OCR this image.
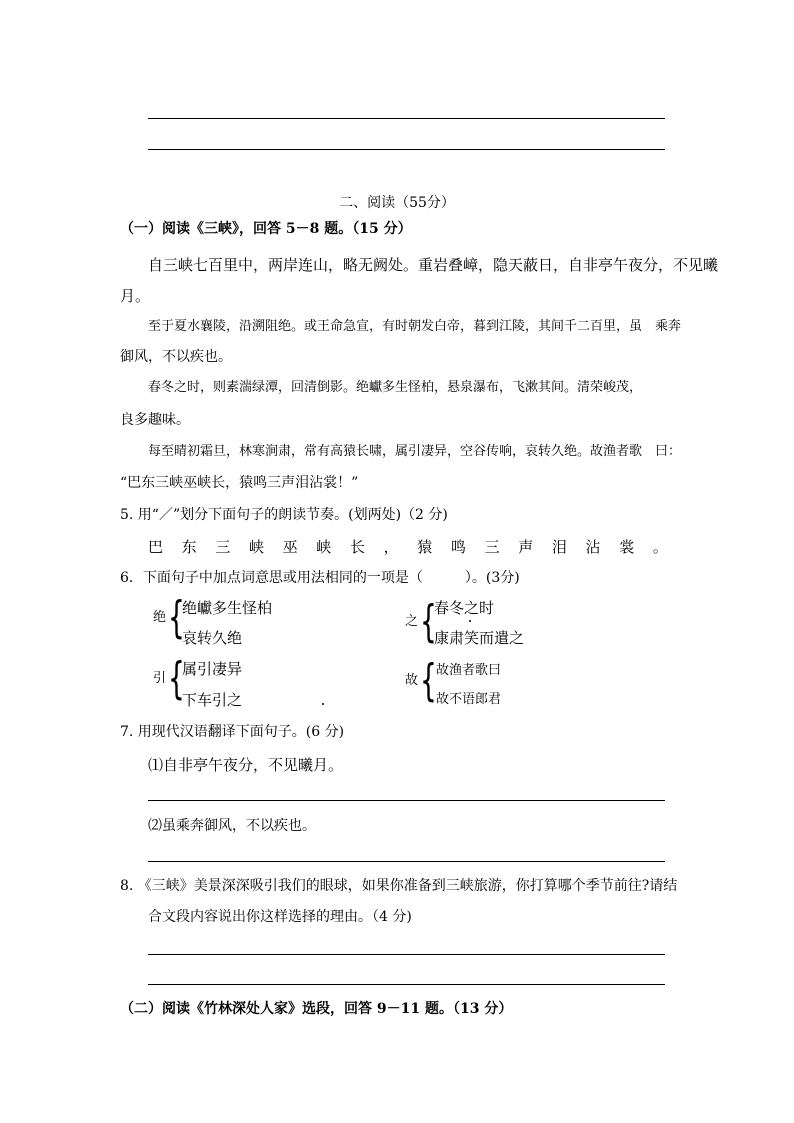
二、阅读（55分）
（一）阅读《三峡》，回答 5－8 题。（15 分）
自三峡七百里中，两岸连山，略无阙处。重岩叠嶂，隐天蔽日，自非亭午夜分，不见曦
月。
至于夏水襄陵，沿溯阻绝。或王命急宣，有时朝发白帝，暮到江陵，其间千二百里，虽　乘奔
御风，不以疾也。
春冬之时，则素湍绿潭，回清倒影。绝巘多生怪柏，悬泉瀑布，飞漱其间。清荣峻茂，
良多趣味。
每至晴初霜旦，林寒涧肃，常有高猿长啸，属引凄异，空谷传响，哀转久绝。故渔者歌　曰：
“巴东三峡巫峡长，猿鸣三声泪沾裳！”
5. 用“／”划分下面句子的朗读节奏。(划两处)（2 分)
巴 东 三 峡 巫 峡 长 ， 猿 鸣 三 声 泪 沾 裳 。
6．下面句子中加点词意思或用法相同的一项是（　　　）。(3分)
绝 {
绝巘多生怪柏
哀转久绝
之 {
春冬之时
康肃笑而遣之
引 {
属引凄异
下车引之
故 { 故渔者歌曰
故不语郎君
7. 用现代汉语翻译下面句子。(6 分)
⑴自非亭午夜分，不见曦月。
⑵虽乘奔御风，不以疾也。
8. 《三峡》美景深深吸引我们的眼球，如果你准备到三峡旅游，你打算哪个季节前往?请结
合文段内容说出你这样选择的理由。（4 分)
（二）阅读《竹林深处人家》选段，回答 9－11 题。（13 分）
